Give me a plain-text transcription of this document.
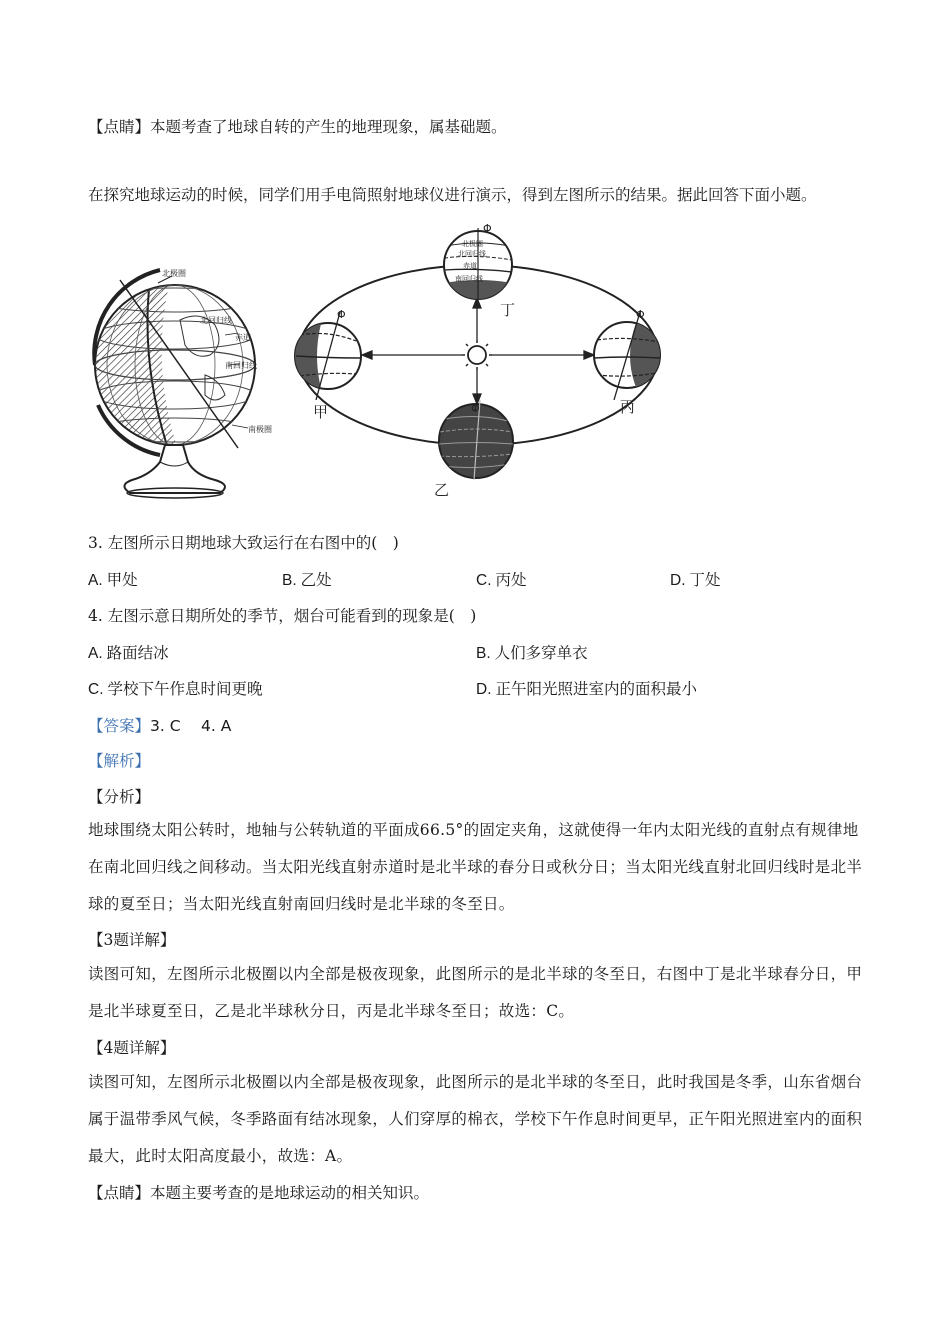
【点睛】本题考查了地球自转的产生的地理现象，属基础题。
在探究地球运动的时候，同学们用手电筒照射地球仪进行演示，得到左图所示的结果。据此回答下面小题。
北极圈
北回归线
赤道
南回归线
南极圈
Φ
甲
Φ
丙
Φ
乙
Φ
北极圈
北回归线
赤道
南回归线
丁
3. 左图所示日期地球大致运行在右图中的(　)
A. 甲处	B. 乙处	C. 丙处	D. 丁处
4. 左图示意日期所处的季节，烟台可能看到的现象是(　)
A. 路面结冰	B. 人们多穿单衣
C. 学校下午作息时间更晚	D. 正午阳光照进室内的面积最小
【答案】3. C　 4. A
【解析】
【分析】
地球围绕太阳公转时，地轴与公转轨道的平面成66.5°的固定夹角，这就使得一年内太阳光线的直射点有规律地在南北回归线之间移动。当太阳光线直射赤道时是北半球的春分日或秋分日；当太阳光线直射北回归线时是北半球的夏至日；当太阳光线直射南回归线时是北半球的冬至日。
【3题详解】
读图可知，左图所示北极圈以内全部是极夜现象，此图所示的是北半球的冬至日，右图中丁是北半球春分日，甲是北半球夏至日，乙是北半球秋分日，丙是北半球冬至日；故选：C。
【4题详解】
读图可知，左图所示北极圈以内全部是极夜现象，此图所示的是北半球的冬至日，此时我国是冬季，山东省烟台属于温带季风气候，冬季路面有结冰现象，人们穿厚的棉衣，学校下午作息时间更早，正午阳光照进室内的面积最大，此时太阳高度最小，故选：A。
【点睛】本题主要考查的是地球运动的相关知识。
